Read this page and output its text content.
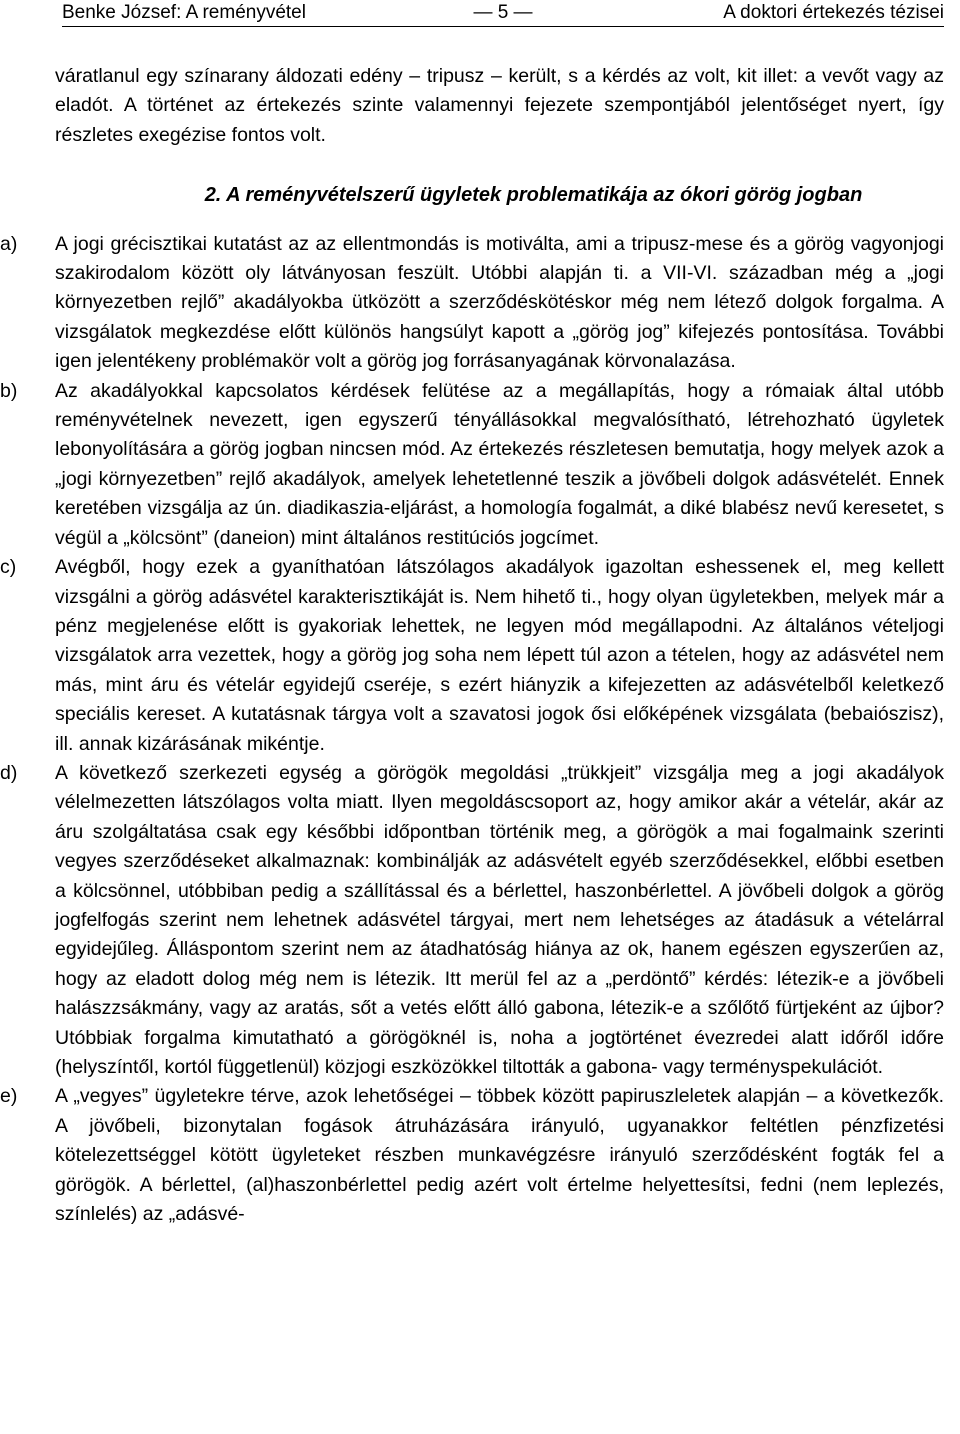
Benke József: A reményvétel	— 5 —	A doktori értekezés tézisei

váratlanul egy színarany áldozati edény – tripusz – került, s a kérdés az volt, kit illet: a vevőt vagy az eladót. A történet az értekezés szinte valamennyi fejezete szempontjából jelentőséget nyert, így részletes exegézise fontos volt.

2. A reményvételszerű ügyletek problematikája az ókori görög jogban
a) A jogi grécisztikai kutatást az az ellentmondás is motiválta, ami a tripusz-mese és a görög vagyonjogi szakirodalom között oly látványosan feszült. Utóbbi alapján ti. a VII-VI. században még a „jogi környezetben rejlő” akadályokba ütközött a szerződéskötéskor még nem létező dolgok forgalma. A vizsgálatok megkezdése előtt különös hangsúlyt kapott a „görög jog” kifejezés pontosítása. További igen jelentékeny problémakör volt a görög jog forrásanyagának körvonalazása.
b) Az akadályokkal kapcsolatos kérdések felütése az a megállapítás, hogy a rómaiak által utóbb reményvételnek nevezett, igen egyszerű tényállásokkal megvalósítható, létrehozható ügyletek lebonyolítására a görög jogban nincsen mód. Az értekezés részletesen bemutatja, hogy melyek azok a „jogi környezetben” rejlő akadályok, amelyek lehetetlenné teszik a jövőbeli dolgok adásvételét. Ennek keretében vizsgálja az ún. diadikaszia-eljárást, a homología fogalmát, a diké blabész nevű keresetet, s végül a „kölcsönt” (daneion) mint általános restitúciós jogcímet.
c) Avégből, hogy ezek a gyaníthatóan látszólagos akadályok igazoltan eshessenek el, meg kellett vizsgálni a görög adásvétel karakterisztikáját is. Nem hihető ti., hogy olyan ügyletekben, melyek már a pénz megjelenése előtt is gyakoriak lehettek, ne legyen mód megállapodni. Az általános vételjogi vizsgálatok arra vezettek, hogy a görög jog soha nem lépett túl azon a tételen, hogy az adásvétel nem más, mint áru és vételár egyidejű cseréje, s ezért hiányzik a kifejezetten az adásvételből keletkező speciális kereset. A kutatásnak tárgya volt a szavatosi jogok ősi előképének vizsgálata (bebaiószisz), ill. annak kizárásának mikéntje.
d) A következő szerkezeti egység a görögök megoldási „trükkjeit” vizsgálja meg a jogi akadályok vélelmezetten látszólagos volta miatt. Ilyen megoldáscsoport az, hogy amikor akár a vételár, akár az áru szolgáltatása csak egy későbbi időpontban történik meg, a görögök a mai fogalmaink szerinti vegyes szerződéseket alkalmaznak: kombinálják az adásvételt egyéb szerződésekkel, előbbi esetben a kölcsönnel, utóbbiban pedig a szállítással és a bérlettel, haszonbérlettel. A jövőbeli dolgok a görög jogfelfogás szerint nem lehetnek adásvétel tárgyai, mert nem lehetséges az átadásuk a vételárral egyidejűleg. Álláspontom szerint nem az átadhatóság hiánya az ok, hanem egészen egyszerűen az, hogy az eladott dolog még nem is létezik. Itt merül fel az a „perdöntő” kérdés: létezik-e a jövőbeli halászzsákmány, vagy az aratás, sőt a vetés előtt álló gabona, létezik-e a szőlőtő fürtjeként az újbor? Utóbbiak forgalma kimutatható a görögöknél is, noha a jogtörténet évezredei alatt időről időre (helyszíntől, kortól függetlenül) közjogi eszközökkel tiltották a gabona- vagy terményspekulációt.
e) A „vegyes” ügyletekre térve, azok lehetőségei – többek között papiruszleletek alapján – a következők. A jövőbeli, bizonytalan fogások átruházására irányuló, ugyanakkor feltétlen pénzfizetési kötelezettséggel kötött ügyleteket részben munkavégzésre irányuló szerződésként fogták fel a görögök. A bérlettel, (al)haszonbérlettel pedig azért volt értelme helyettesítsi, fedni (nem leplezés, színlelés) az „adásvé-
